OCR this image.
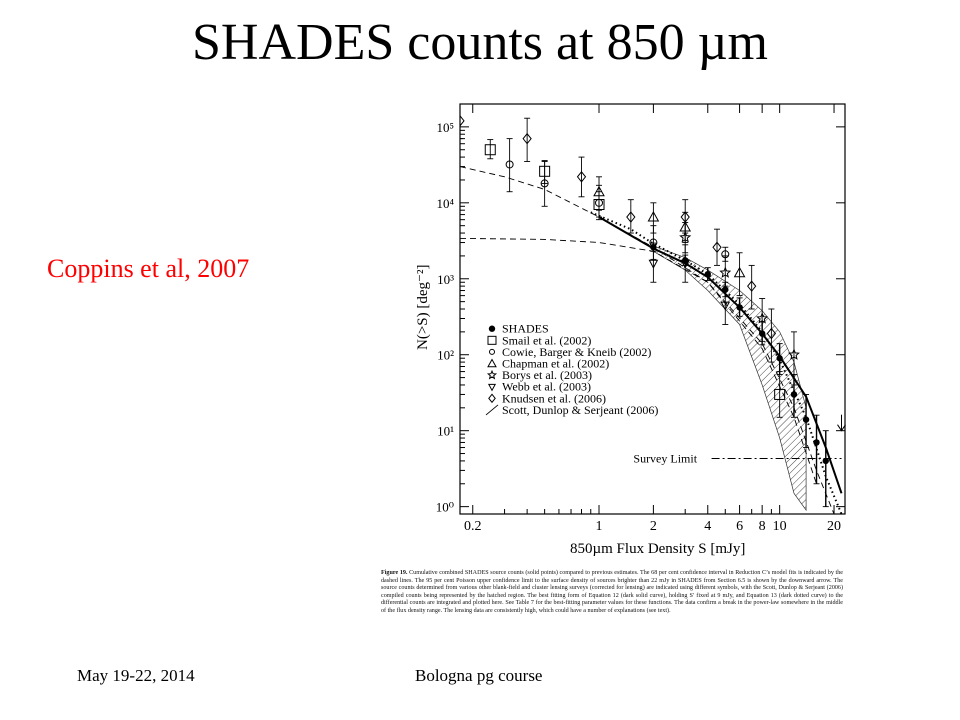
SHADES counts at 850 µm
Coppins et al, 2007
0.2	1	2	4 6 8 10	20
10⁰
10¹
10²
10³
10⁴
10⁵
SHADES
Smail et al. (2002)
Cowie, Barger & Kneib (2002)
Chapman et al. (2002)
Borys et al. (2003)
Webb et al. (2003)
Knudsen et al. (2006)
Scott, Dunlop & Serjeant (2006)
Survey Limit
850µm Flux Density S [mJy]
N(>S) [deg⁻²]
Figure 19. Cumulative combined SHADES source counts (solid points) compared to previous estimates. The 68 per cent confidence interval in Reduction C’s model fits is indicated by the dashed lines. The 95 per cent Poisson upper confidence limit to the surface density of sources brighter than 22 mJy in SHADES from Section 6.5 is shown by the downward arrow. The source counts determined from various other blank-field and cluster lensing surveys (corrected for lensing) are indicated using different symbols, with the Scott, Dunlop & Serjeant (2006) compiled counts being represented by the hatched region. The best fitting form of Equation 12 (dark solid curve), holding S′ fixed at 9 mJy, and Equation 13 (dark dotted curve) to the differential counts are integrated and plotted here. See Table 7 for the best-fitting parameter values for these functions. The data confirm a break in the power-law somewhere in the middle of the flux density range. The lensing data are consistently high, which could have a number of explanations (see text).
May 19-22, 2014	Bologna pg course
